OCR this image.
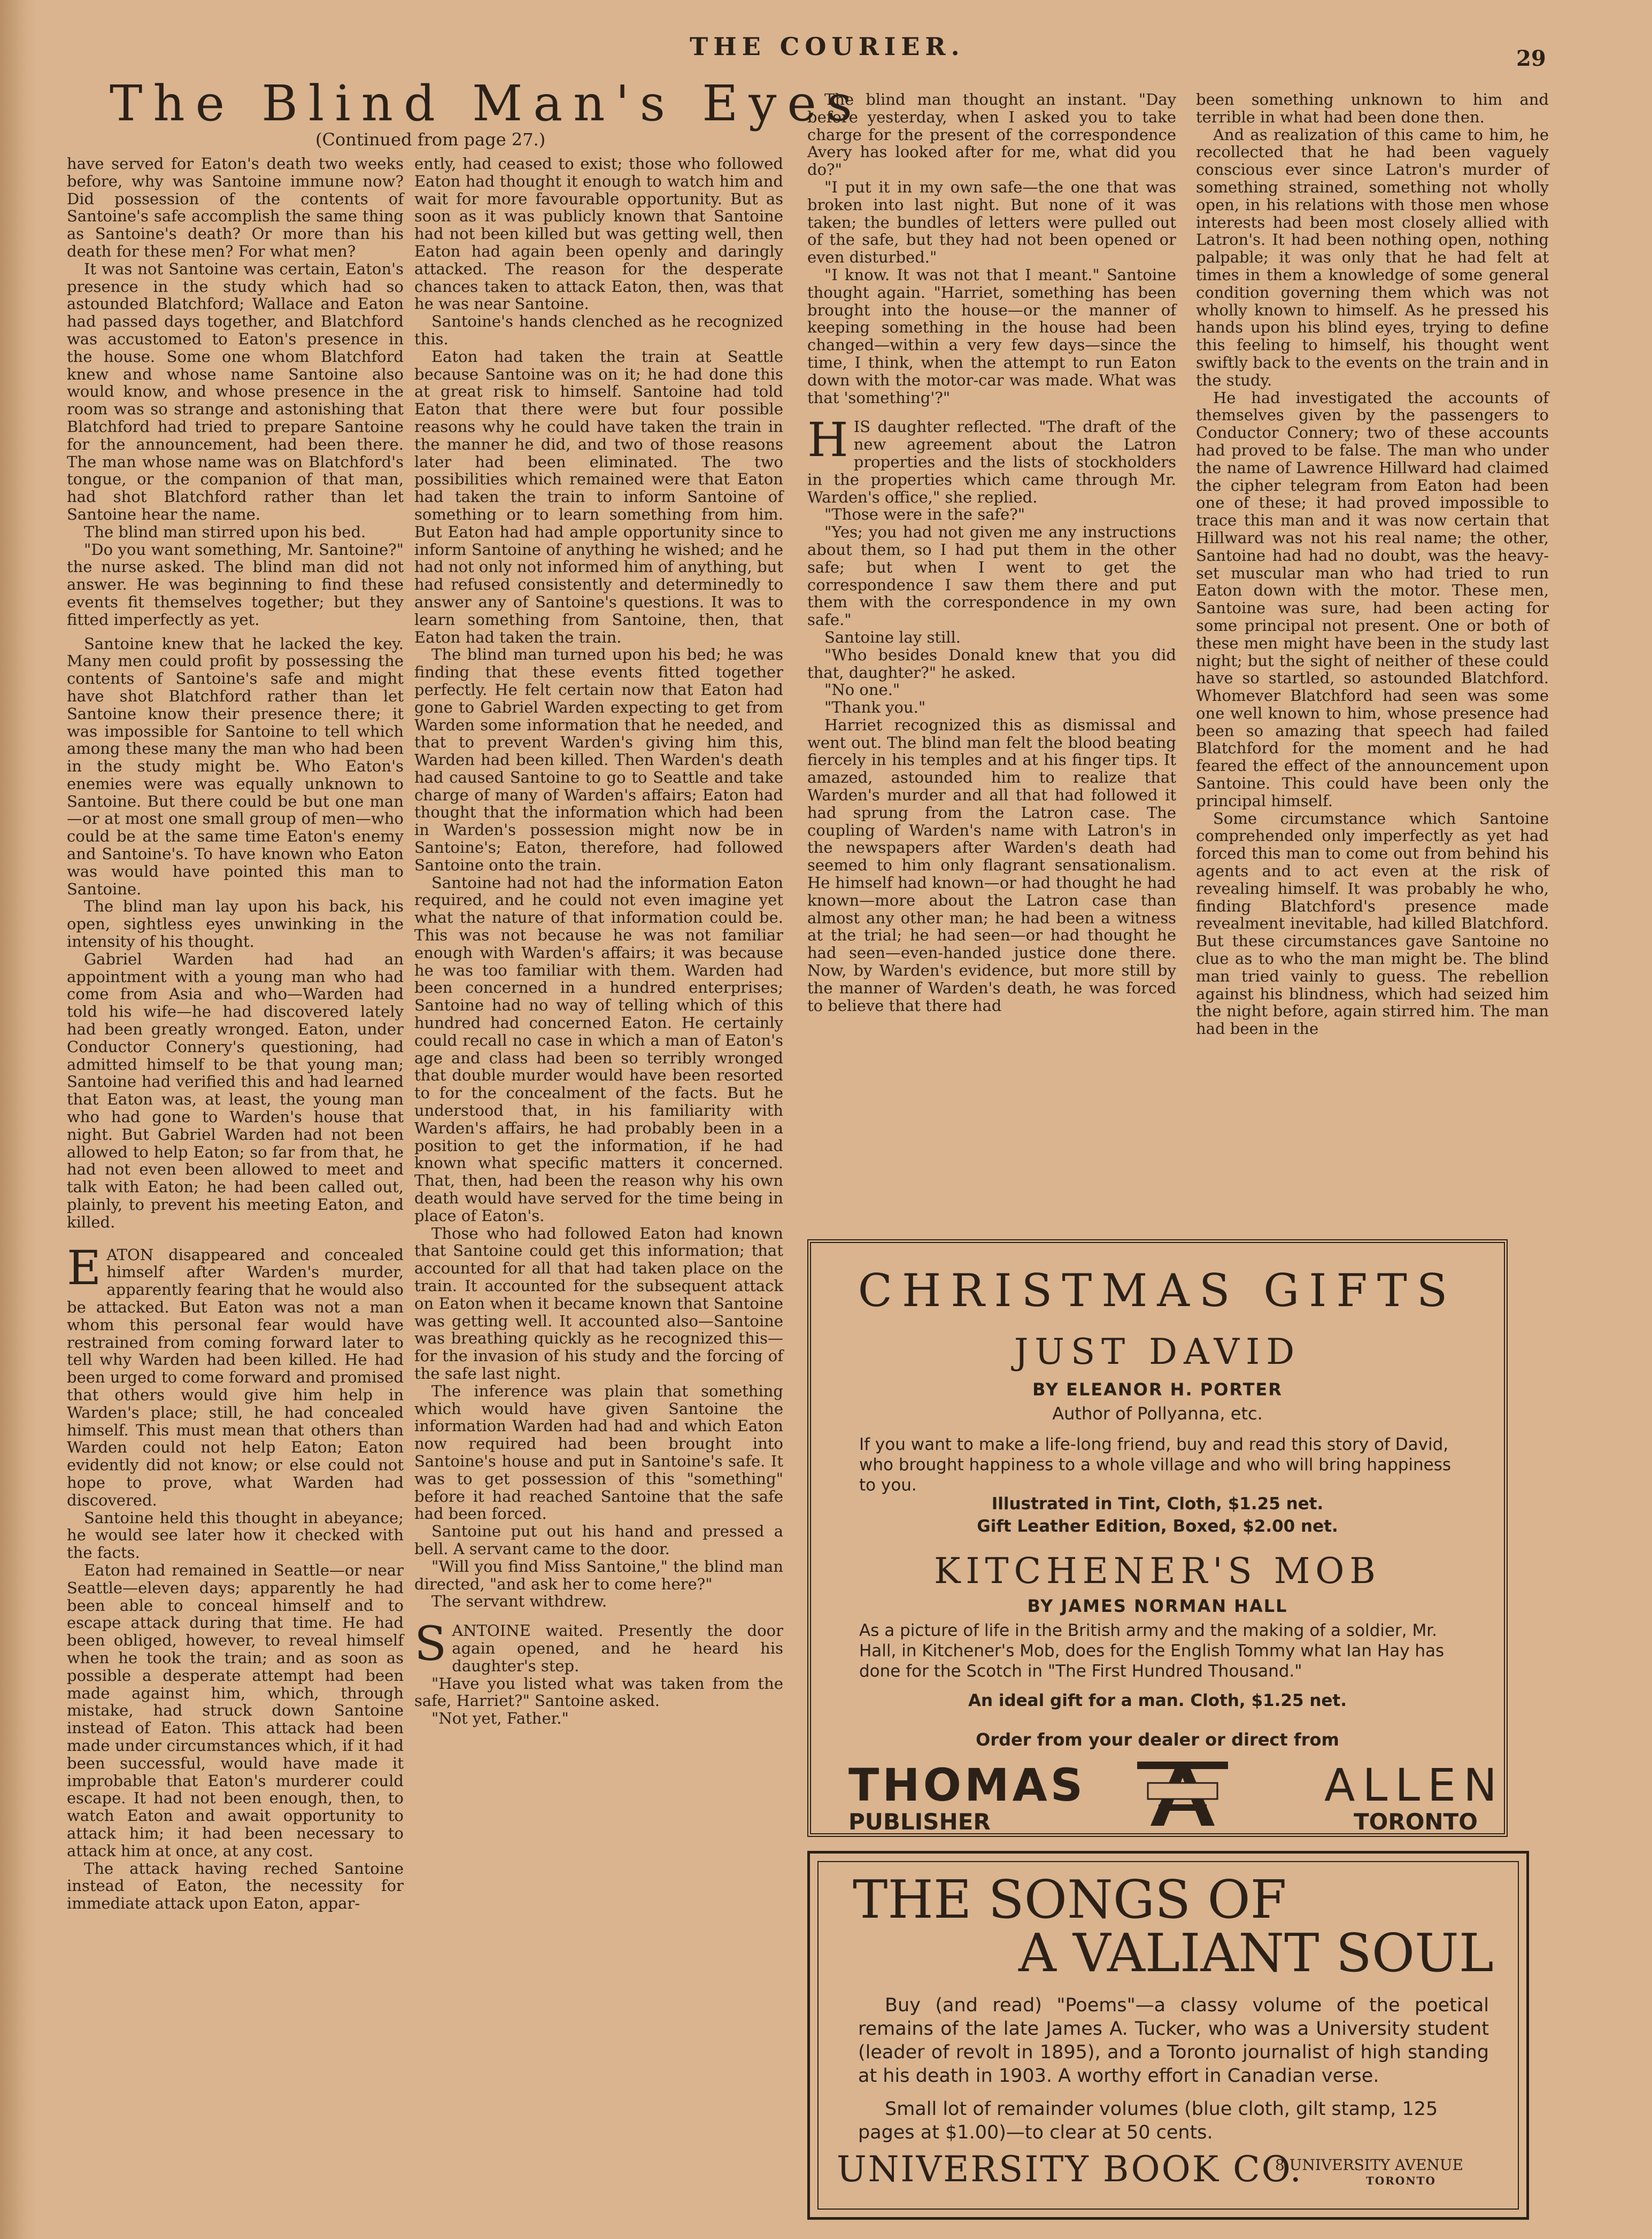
THE COURIER.	29
The Blind Man's Eyes
(Continued from page 27.)

have served for Eaton's death two weeks before, why was Santoine immune now? Did possession of the contents of Santoine's safe accomplish the same thing as Santoine's death? Or more than his death for these men? For what men?

It was not Santoine was certain, Eaton's presence in the study which had so astounded Blatchford; Wallace and Eaton had passed days together, and Blatchford was accustomed to Eaton's presence in the house. Some one whom Blatchford knew and whose name Santoine also would know, and whose presence in the room was so strange and astonishing that Blatchford had tried to prepare Santoine for the announcement, had been there. The man whose name was on Blatchford's tongue, or the companion of that man, had shot Blatchford rather than let Santoine hear the name.

The blind man stirred upon his bed.

"Do you want something, Mr. Santoine?" the nurse asked. The blind man did not answer. He was beginning to find these events fit themselves together; but they fitted imperfectly as yet.

Santoine knew that he lacked the key. Many men could profit by possessing the contents of Santoine's safe and might have shot Blatchford rather than let Santoine know their presence there; it was impossible for Santoine to tell which among these many the man who had been in the study might be. Who Eaton's enemies were was equally unknown to Santoine. But there could be but one man—or at most one small group of men—who could be at the same time Eaton's enemy and Santoine's. To have known who Eaton was would have pointed this man to Santoine.

The blind man lay upon his back, his open, sightless eyes unwinking in the intensity of his thought.

Gabriel Warden had had an appointment with a young man who had come from Asia and who—Warden had told his wife—he had discovered lately had been greatly wronged. Eaton, under Conductor Connery's questioning, had admitted himself to be that young man; Santoine had verified this and had learned that Eaton was, at least, the young man who had gone to Warden's house that night. But Gabriel Warden had not been allowed to help Eaton; so far from that, he had not even been allowed to meet and talk with Eaton; he had been called out, plainly, to prevent his meeting Eaton, and killed.

EATON disappeared and concealed himself after Warden's murder, apparently fearing that he would also be attacked. But Eaton was not a man whom this personal fear would have restrained from coming forward later to tell why Warden had been killed. He had been urged to come forward and promised that others would give him help in Warden's place; still, he had concealed himself. This must mean that others than Warden could not help Eaton; Eaton evidently did not know; or else could not hope to prove, what Warden had discovered.

Santoine held this thought in abeyance; he would see later how it checked with the facts.

Eaton had remained in Seattle—or near Seattle—eleven days; apparently he had been able to conceal himself and to escape attack during that time. He had been obliged, however, to reveal himself when he took the train; and as soon as possible a desperate attempt had been made against him, which, through mistake, had struck down Santoine instead of Eaton. This attack had been made under circumstances which, if it had been successful, would have made it improbable that Eaton's murderer could escape. It had not been enough, then, to watch Eaton and await opportunity to attack him; it had been necessary to attack him at once, at any cost.

The attack having reched Santoine instead of Eaton, the necessity for immediate attack upon Eaton, appar-

ently, had ceased to exist; those who followed Eaton had thought it enough to watch him and wait for more favourable opportunity. But as soon as it was publicly known that Santoine had not been killed but was getting well, then Eaton had again been openly and daringly attacked. The reason for the desperate chances taken to attack Eaton, then, was that he was near Santoine.

Santoine's hands clenched as he recognized this.

Eaton had taken the train at Seattle because Santoine was on it; he had done this at great risk to himself. Santoine had told Eaton that there were but four possible reasons why he could have taken the train in the manner he did, and two of those reasons later had been eliminated. The two possibilities which remained were that Eaton had taken the train to inform Santoine of something or to learn something from him. But Eaton had had ample opportunity since to inform Santoine of anything he wished; and he had not only not informed him of anything, but had refused consistently and determinedly to answer any of Santoine's questions. It was to learn something from Santoine, then, that Eaton had taken the train.

The blind man turned upon his bed; he was finding that these events fitted together perfectly. He felt certain now that Eaton had gone to Gabriel Warden expecting to get from Warden some information that he needed, and that to prevent Warden's giving him this, Warden had been killed. Then Warden's death had caused Santoine to go to Seattle and take charge of many of Warden's affairs; Eaton had thought that the information which had been in Warden's possession might now be in Santoine's; Eaton, therefore, had followed Santoine onto the train.

Santoine had not had the information Eaton required, and he could not even imagine yet what the nature of that information could be. This was not because he was not familiar enough with Warden's affairs; it was because he was too familiar with them. Warden had been concerned in a hundred enterprises; Santoine had no way of telling which of this hundred had concerned Eaton. He certainly could recall no case in which a man of Eaton's age and class had been so terribly wronged that double murder would have been resorted to for the concealment of the facts. But he understood that, in his familiarity with Warden's affairs, he had probably been in a position to get the information, if he had known what specific matters it concerned. That, then, had been the reason why his own death would have served for the time being in place of Eaton's.

Those who had followed Eaton had known that Santoine could get this information; that accounted for all that had taken place on the train. It accounted for the subsequent attack on Eaton when it became known that Santoine was getting well. It accounted also—Santoine was breathing quickly as he recognized this—for the invasion of his study and the forcing of the safe last night.

The inference was plain that something which would have given Santoine the information Warden had had and which Eaton now required had been brought into Santoine's house and put in Santoine's safe. It was to get possession of this "something" before it had reached Santoine that the safe had been forced.

Santoine put out his hand and pressed a bell. A servant came to the door.

"Will you find Miss Santoine," the blind man directed, "and ask her to come here?"

The servant withdrew.

SANTOINE waited. Presently the door again opened, and he heard his daughter's step.

"Have you listed what was taken from the safe, Harriet?" Santoine asked.

"Not yet, Father."

The blind man thought an instant. "Day before yesterday, when I asked you to take charge for the present of the correspondence Avery has looked after for me, what did you do?"

"I put it in my own safe—the one that was broken into last night. But none of it was taken; the bundles of letters were pulled out of the safe, but they had not been opened or even disturbed."

"I know. It was not that I meant." Santoine thought again. "Harriet, something has been brought into the house—or the manner of keeping something in the house had been changed—within a very few days—since the time, I think, when the attempt to run Eaton down with the motor-car was made. What was that 'something'?"

HIS daughter reflected. "The draft of the new agreement about the Latron properties and the lists of stockholders in the properties which came through Mr. Warden's office," she replied.

"Those were in the safe?"

"Yes; you had not given me any instructions about them, so I had put them in the other safe; but when I went to get the correspondence I saw them there and put them with the correspondence in my own safe."

Santoine lay still.

"Who besides Donald knew that you did that, daughter?" he asked.

"No one."

"Thank you."

Harriet recognized this as dismissal and went out. The blind man felt the blood beating fiercely in his temples and at his finger tips. It amazed, astounded him to realize that Warden's murder and all that had followed it had sprung from the Latron case. The coupling of Warden's name with Latron's in the newspapers after Warden's death had seemed to him only flagrant sensationalism. He himself had known—or had thought he had known—more about the Latron case than almost any other man; he had been a witness at the trial; he had seen—or had thought he had seen—even-handed justice done there. Now, by Warden's evidence, but more still by the manner of Warden's death, he was forced to believe that there had

been something unknown to him and terrible in what had been done then.

And as realization of this came to him, he recollected that he had been vaguely conscious ever since Latron's murder of something strained, something not wholly open, in his relations with those men whose interests had been most closely allied with Latron's. It had been nothing open, nothing palpable; it was only that he had felt at times in them a knowledge of some general condition governing them which was not wholly known to himself. As he pressed his hands upon his blind eyes, trying to define this feeling to himself, his thought went swiftly back to the events on the train and in the study.

He had investigated the accounts of themselves given by the passengers to Conductor Connery; two of these accounts had proved to be false. The man who under the name of Lawrence Hillward had claimed the cipher telegram from Eaton had been one of these; it had proved impossible to trace this man and it was now certain that Hillward was not his real name; the other, Santoine had had no doubt, was the heavy-set muscular man who had tried to run Eaton down with the motor. These men, Santoine was sure, had been acting for some principal not present. One or both of these men might have been in the study last night; but the sight of neither of these could have so startled, so astounded Blatchford. Whomever Blatchford had seen was some one well known to him, whose presence had been so amazing that speech had failed Blatchford for the moment and he had feared the effect of the announcement upon Santoine. This could have been only the principal himself.

Some circumstance which Santoine comprehended only imperfectly as yet had forced this man to come out from behind his agents and to act even at the risk of revealing himself. It was probably he who, finding Blatchford's presence made revealment inevitable, had killed Blatchford. But these circumstances gave Santoine no clue as to who the man might be. The blind man tried vainly to guess. The rebellion against his blindness, which had seized him the night before, again stirred him. The man had been in the

CHRISTMAS GIFTS
JUST DAVID
BY ELEANOR H. PORTER
Author of Pollyanna, etc.
If you want to make a life-long friend, buy and read this story of David, who brought happiness to a whole village and who will bring happiness to you.
Illustrated in Tint, Cloth, $1.25 net.
Gift Leather Edition, Boxed, $2.00 net.
KITCHENER'S MOB
BY JAMES NORMAN HALL
As a picture of life in the British army and the making of a soldier, Mr. Hall, in Kitchener's Mob, does for the English Tommy what Ian Hay has done for the Scotch in "The First Hundred Thousand."
An ideal gift for a man. Cloth, $1.25 net.
Order from your dealer or direct from
THOMAS
PUBLISHER
ALLEN
TORONTO
THE SONGS OF
A VALIANT SOUL
Buy (and read) "Poems"—a classy volume of the poetical remains of the late James A. Tucker, who was a University student (leader of revolt in 1895), and a Toronto journalist of high standing at his death in 1903. A worthy effort in Canadian verse.
Small lot of remainder volumes (blue cloth, gilt stamp, 125 pages at $1.00)—to clear at 50 cents.
UNIVERSITY BOOK CO.
8 UNIVERSITY AVENUE
TORONTO
